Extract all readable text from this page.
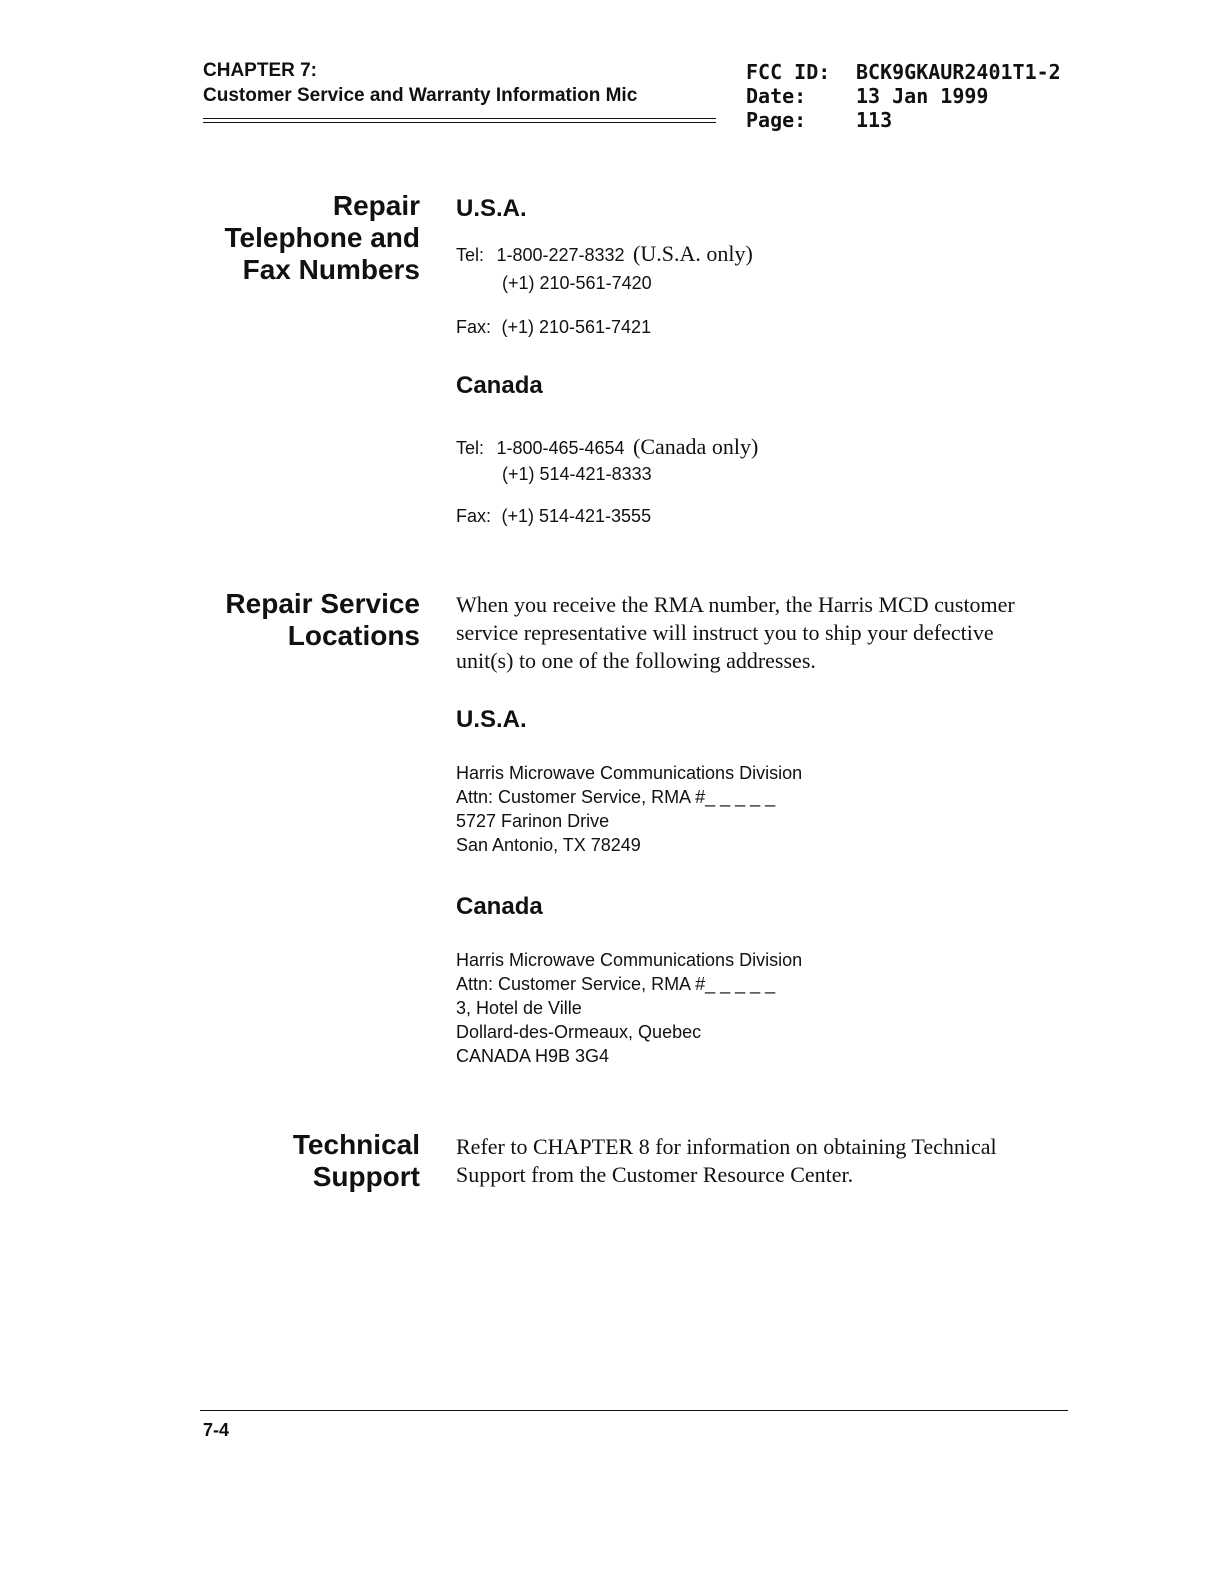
CHAPTER 7:
Customer Service and Warranty Information Mic
FCC ID: BCK9GKAUR2401T1-2
Date: 13 Jan 1999
Page: 113
Repair
Telephone and
Fax Numbers
U.S.A.
Tel: 1-800-227-8332 (U.S.A. only)
(+1) 210-561-7420
Fax: (+1) 210-561-7421
Canada
Tel: 1-800-465-4654 (Canada only)
(+1) 514-421-8333
Fax: (+1) 514-421-3555
Repair Service
Locations
When you receive the RMA number, the Harris MCD customer
service representative will instruct you to ship your defective
unit(s) to one of the following addresses.
U.S.A.
Harris Microwave Communications Division
Attn: Customer Service, RMA #_ _ _ _ _
5727 Farinon Drive
San Antonio, TX 78249
Canada
Harris Microwave Communications Division
Attn: Customer Service, RMA #_ _ _ _ _
3, Hotel de Ville
Dollard-des-Ormeaux, Quebec
CANADA H9B 3G4
Technical
Support
Refer to CHAPTER 8 for information on obtaining Technical
Support from the Customer Resource Center.
7-4
